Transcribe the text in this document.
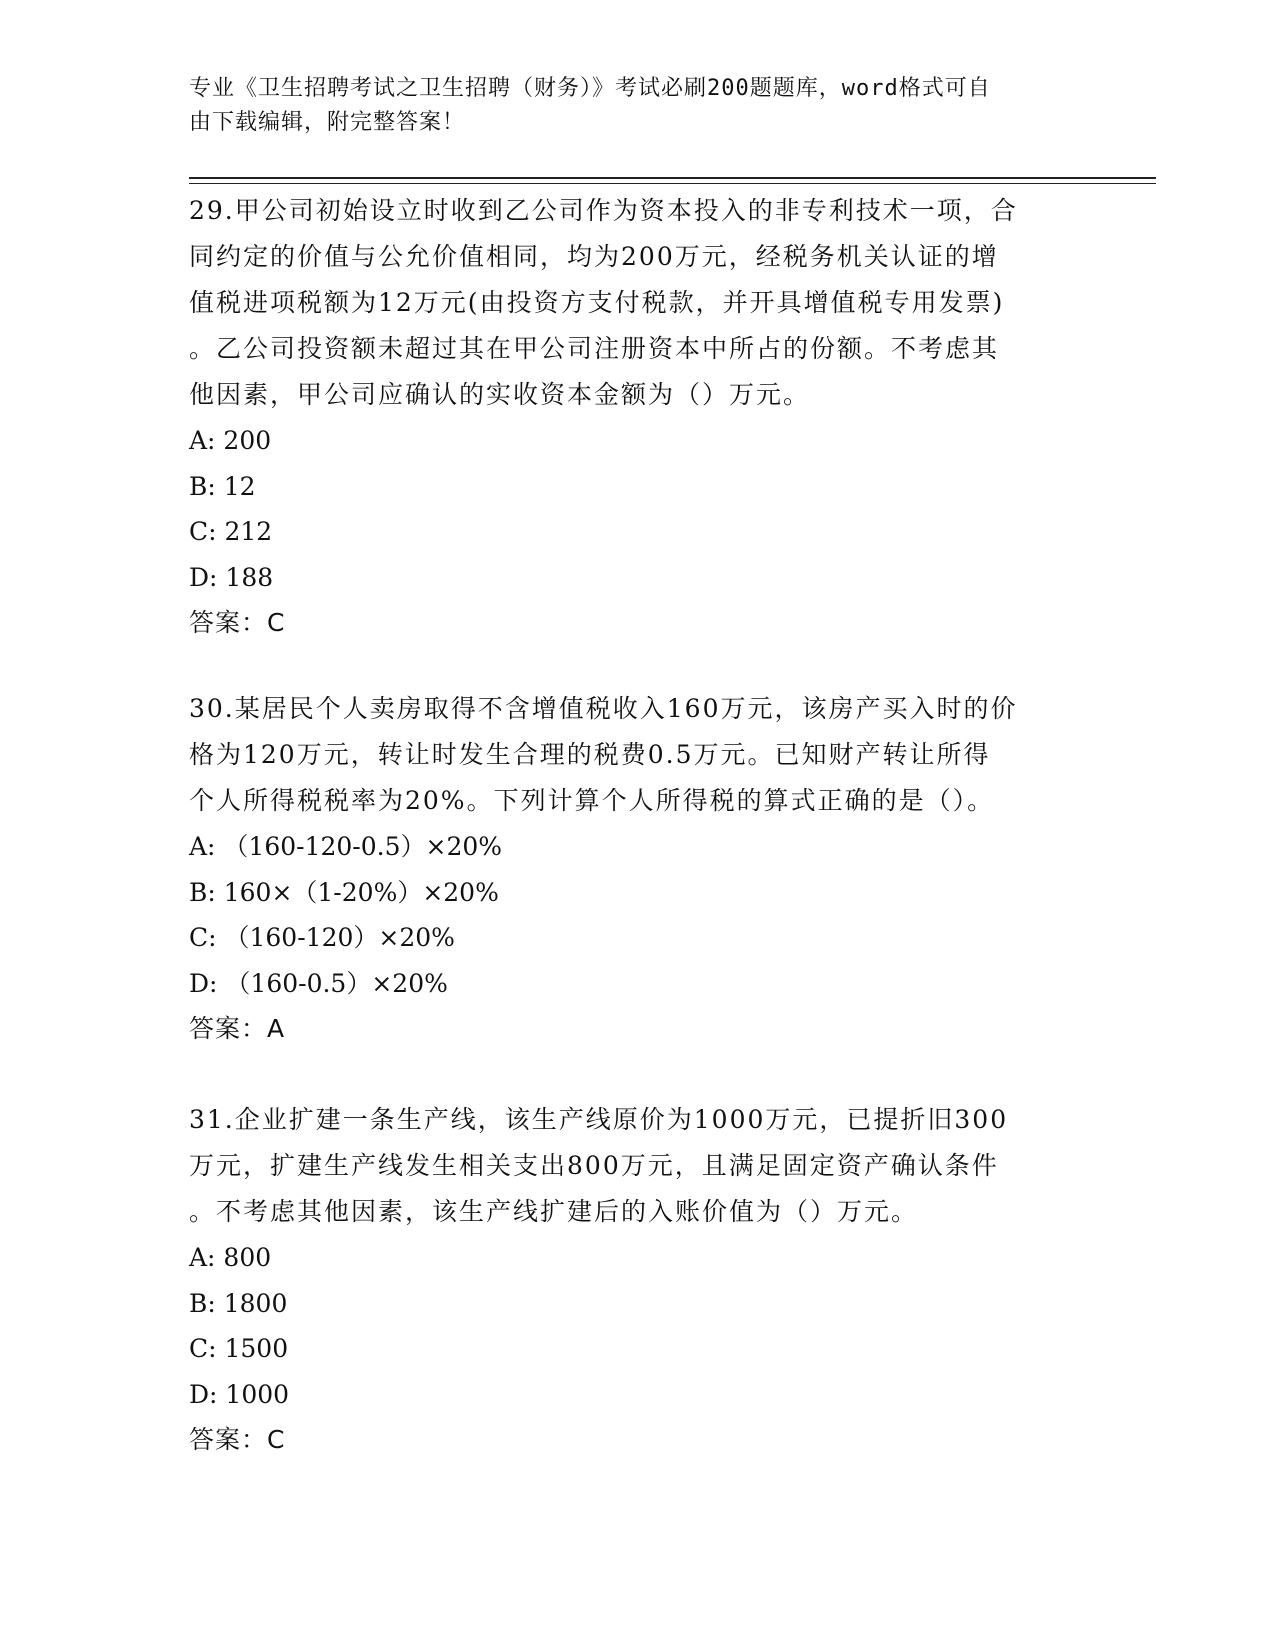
专业《卫生招聘考试之卫生招聘（财务）》考试必刷200题题库，word格式可自
由下载编辑，附完整答案！
29.甲公司初始设立时收到乙公司作为资本投入的非专利技术一项，合
同约定的价值与公允价值相同，均为200万元，经税务机关认证的增
值税进项税额为12万元(由投资方支付税款，并开具增值税专用发票)
。乙公司投资额未超过其在甲公司注册资本中所占的份额。不考虑其
他因素，甲公司应确认的实收资本金额为（）万元。
A: 200
B: 12
C: 212
D: 188
答案：C
30.某居民个人卖房取得不含增值税收入160万元，该房产买入时的价
格为120万元，转让时发生合理的税费0.5万元。已知财产转让所得
个人所得税税率为20%。下列计算个人所得税的算式正确的是（）。
A: （160-120-0.5）×20%
B: 160×（1-20%）×20%
C: （160-120）×20%
D: （160-0.5）×20%
答案：A
31.企业扩建一条生产线，该生产线原价为1000万元，已提折旧300
万元，扩建生产线发生相关支出800万元，且满足固定资产确认条件
。不考虑其他因素，该生产线扩建后的入账价值为（）万元。
A: 800
B: 1800
C: 1500
D: 1000
答案：C
